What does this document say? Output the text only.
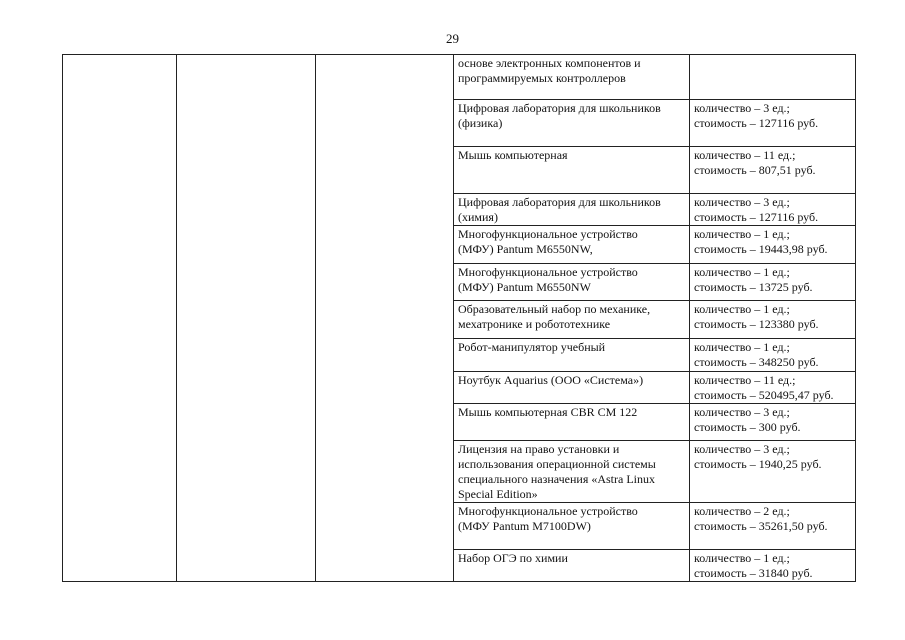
29
			основе электронных компонентов и
программируемых контроллеров	
			Цифровая лаборатория для школьников
(физика)	количество – 3 ед.;
стоимость – 127116 руб.
			Мышь компьютерная	количество – 11 ед.;
стоимость – 807,51 руб.
			Цифровая лаборатория для школьников
(химия)	количество – 3 ед.;
стоимость – 127116 руб.
			Многофункциональное устройство
(МФУ) Pantum M6550NW,	количество – 1 ед.;
стоимость – 19443,98 руб.
			Многофункциональное устройство
(МФУ) Pantum M6550NW	количество – 1 ед.;
стоимость – 13725 руб.
			Образовательный набор по механике,
мехатронике и робототехнике	количество – 1 ед.;
стоимость – 123380 руб.
			Робот-манипулятор учебный	количество – 1 ед.;
стоимость – 348250 руб.
			Ноутбук Aquarius (ООО «Система»)	количество – 11 ед.;
стоимость – 520495,47 руб.
			Мышь компьютерная CBR CM 122	количество – 3 ед.;
стоимость – 300 руб.
			Лицензия на право установки и
использования операционной системы
специального назначения «Astra Linux
Special Edition»	количество – 3 ед.;
стоимость – 1940,25 руб.
			Многофункциональное устройство
(МФУ Pantum M7100DW)	количество – 2 ед.;
стоимость – 35261,50 руб.
			Набор ОГЭ по химии	количество – 1 ед.;
стоимость – 31840 руб.
